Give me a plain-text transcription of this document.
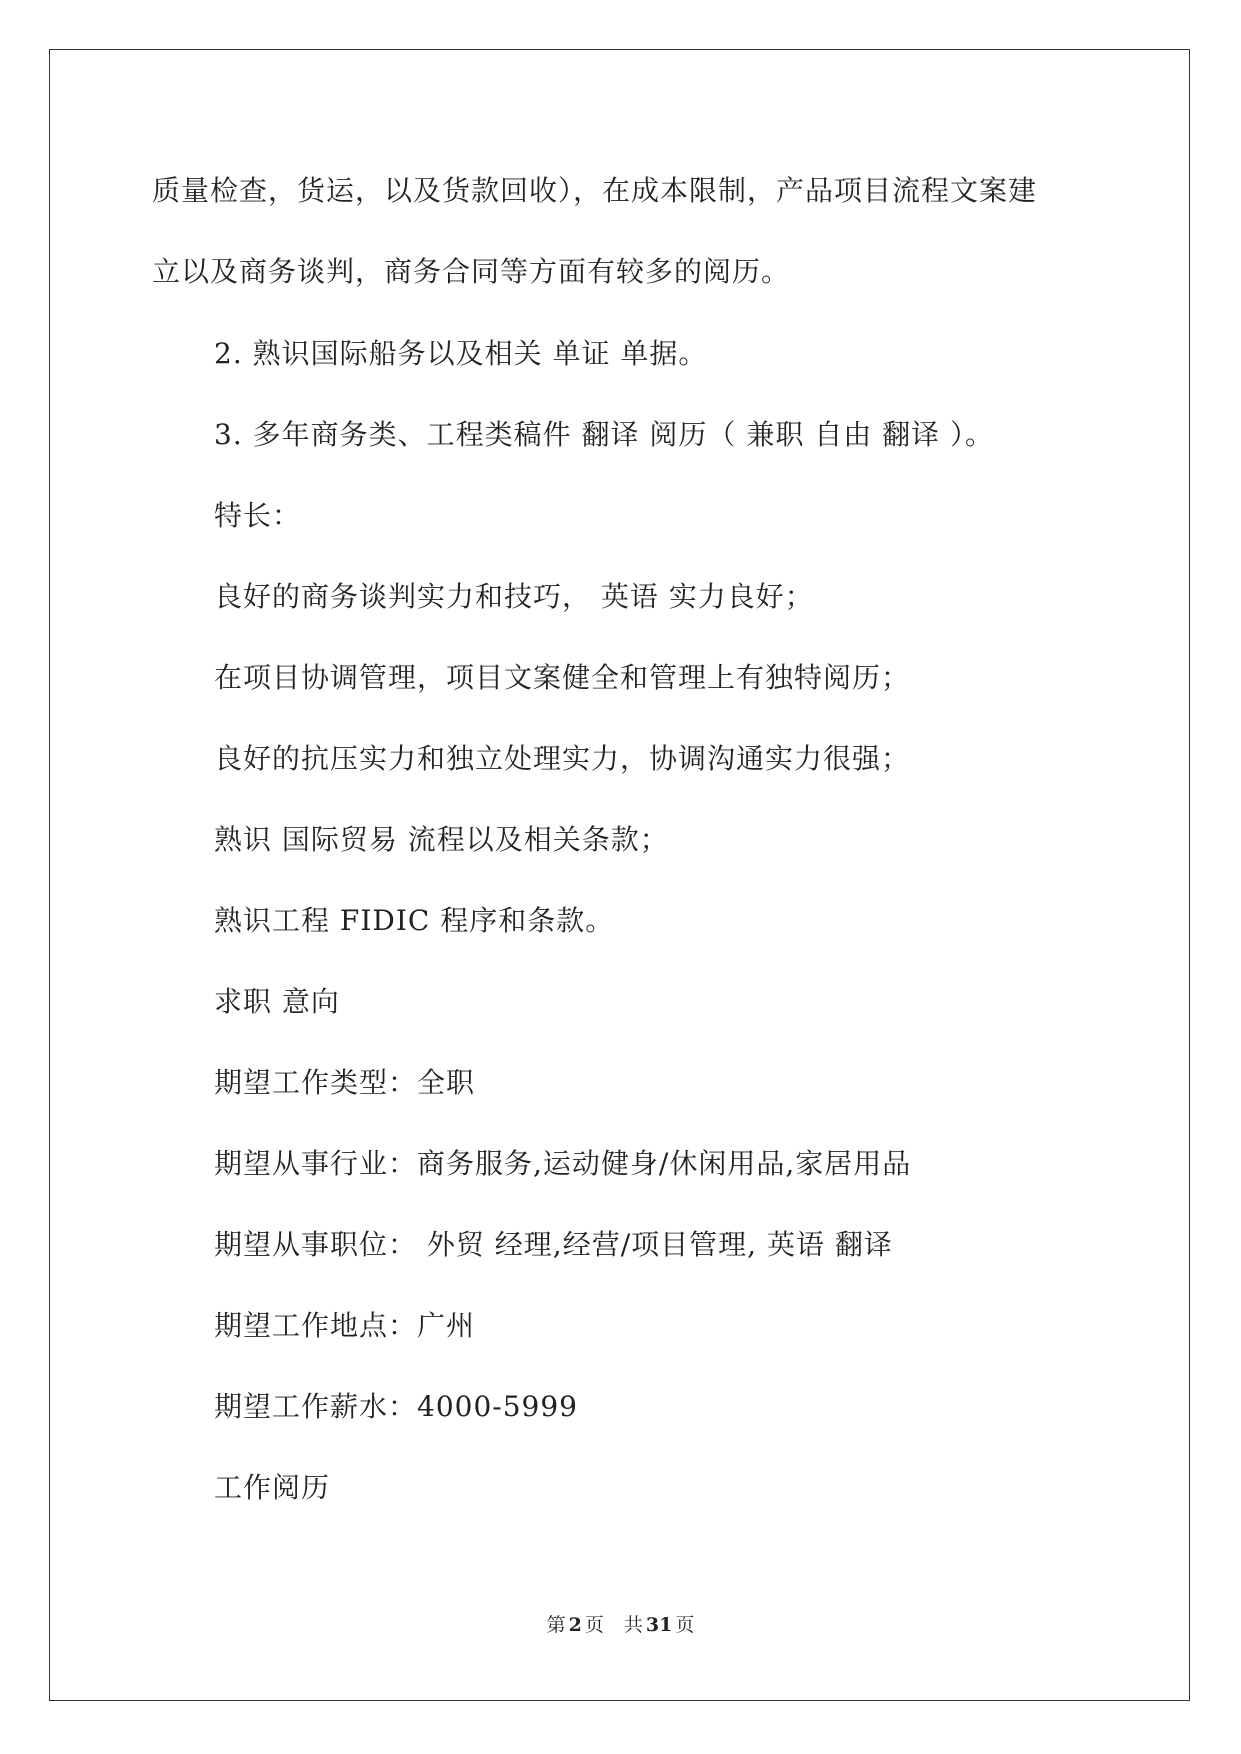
质量检查，货运，以及货款回收），在成本限制，产品项目流程文案建
立以及商务谈判，商务合同等方面有较多的阅历。
2. 熟识国际船务以及相关 单证 单据。
3. 多年商务类、工程类稿件 翻译 阅历（ 兼职 自由 翻译 ）。
特长：
良好的商务谈判实力和技巧， 英语 实力良好；
在项目协调管理，项目文案健全和管理上有独特阅历；
良好的抗压实力和独立处理实力，协调沟通实力很强；
熟识 国际贸易 流程以及相关条款；
熟识工程 FIDIC 程序和条款。
求职 意向
期望工作类型：全职
期望从事行业：商务服务,运动健身/休闲用品,家居用品
期望从事职位： 外贸 经理,经营/项目管理, 英语 翻译
期望工作地点：广州
期望工作薪水：4000-5999
工作阅历
第 2 页 共 31 页
